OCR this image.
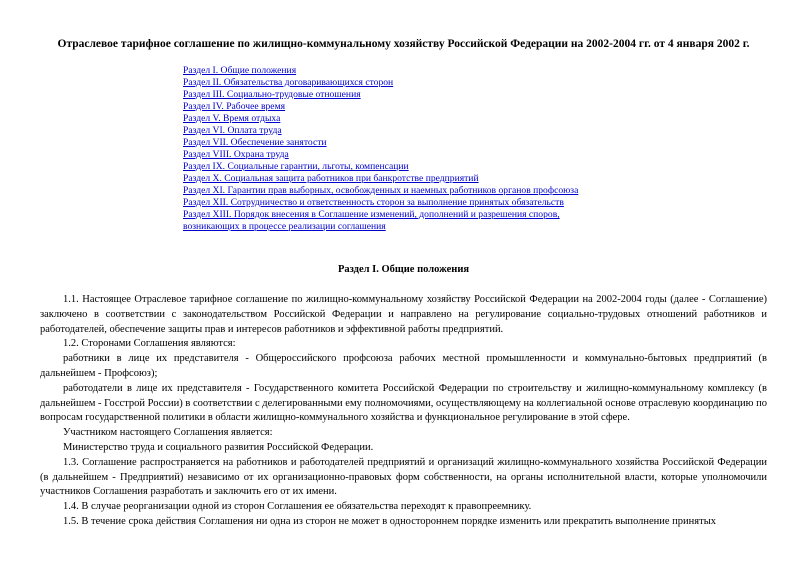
Отраслевое тарифное соглашение по жилищно-коммунальному хозяйству Российской Федерации на 2002-2004 гг. от 4 января 2002 г.
Раздел I. Общие положения
Раздел II. Обязательства договаривающихся сторон
Раздел III. Социально-трудовые отношения
Раздел IV. Рабочее время
Раздел V. Время отдыха
Раздел VI. Оплата труда
Раздел VII. Обеспечение занятости
Раздел VIII. Охрана труда
Раздел IX. Социальные гарантии, льготы, компенсации
Раздел X. Социальная защита работников при банкротстве предприятий
Раздел XI. Гарантии прав выборных, освобожденных и наемных работников органов профсоюза
Раздел XII. Сотрудничество и ответственность сторон за выполнение принятых обязательств
Раздел XIII. Порядок внесения в Соглашение изменений, дополнений и разрешения споров,
возникающих в процессе реализации соглашения
Раздел I. Общие положения

1.1. Настоящее Отраслевое тарифное соглашение по жилищно-коммунальному хозяйству Российской Федерации на 2002-2004 годы (далее - Соглашение) заключено в соответствии с законодательством Российской Федерации и направлено на регулирование социально-трудовых отношений работников и работодателей, обеспечение защиты прав и интересов работников и эффективной работы предприятий.

1.2. Сторонами Соглашения являются:

работники в лице их представителя - Общероссийского профсоюза рабочих местной промышленности и коммунально-бытовых предприятий (в дальнейшем - Профсоюз);

работодатели в лице их представителя - Государственного комитета Российской Федерации по строительству и жилищно-коммунальному комплексу (в дальнейшем - Госстрой России) в соответствии с делегированными ему полномочиями, осуществляющему на коллегиальной основе отраслевую координацию по вопросам государственной политики в области жилищно-коммунального хозяйства и функциональное регулирование в этой сфере.

Участником настоящего Соглашения является:

Министерство труда и социального развития Российской Федерации.

1.3. Соглашение распространяется на работников и работодателей предприятий и организаций жилищно-коммунального хозяйства Российской Федерации (в дальнейшем - Предприятий) независимо от их организационно-правовых форм собственности, на органы исполнительной власти, которые уполномочили участников Соглашения разработать и заключить его от их имени.

1.4. В случае реорганизации одной из сторон Соглашения ее обязательства переходят к правопреемнику.

1.5. В течение срока действия Соглашения ни одна из сторон не может в одностороннем порядке изменить или прекратить выполнение принятых
